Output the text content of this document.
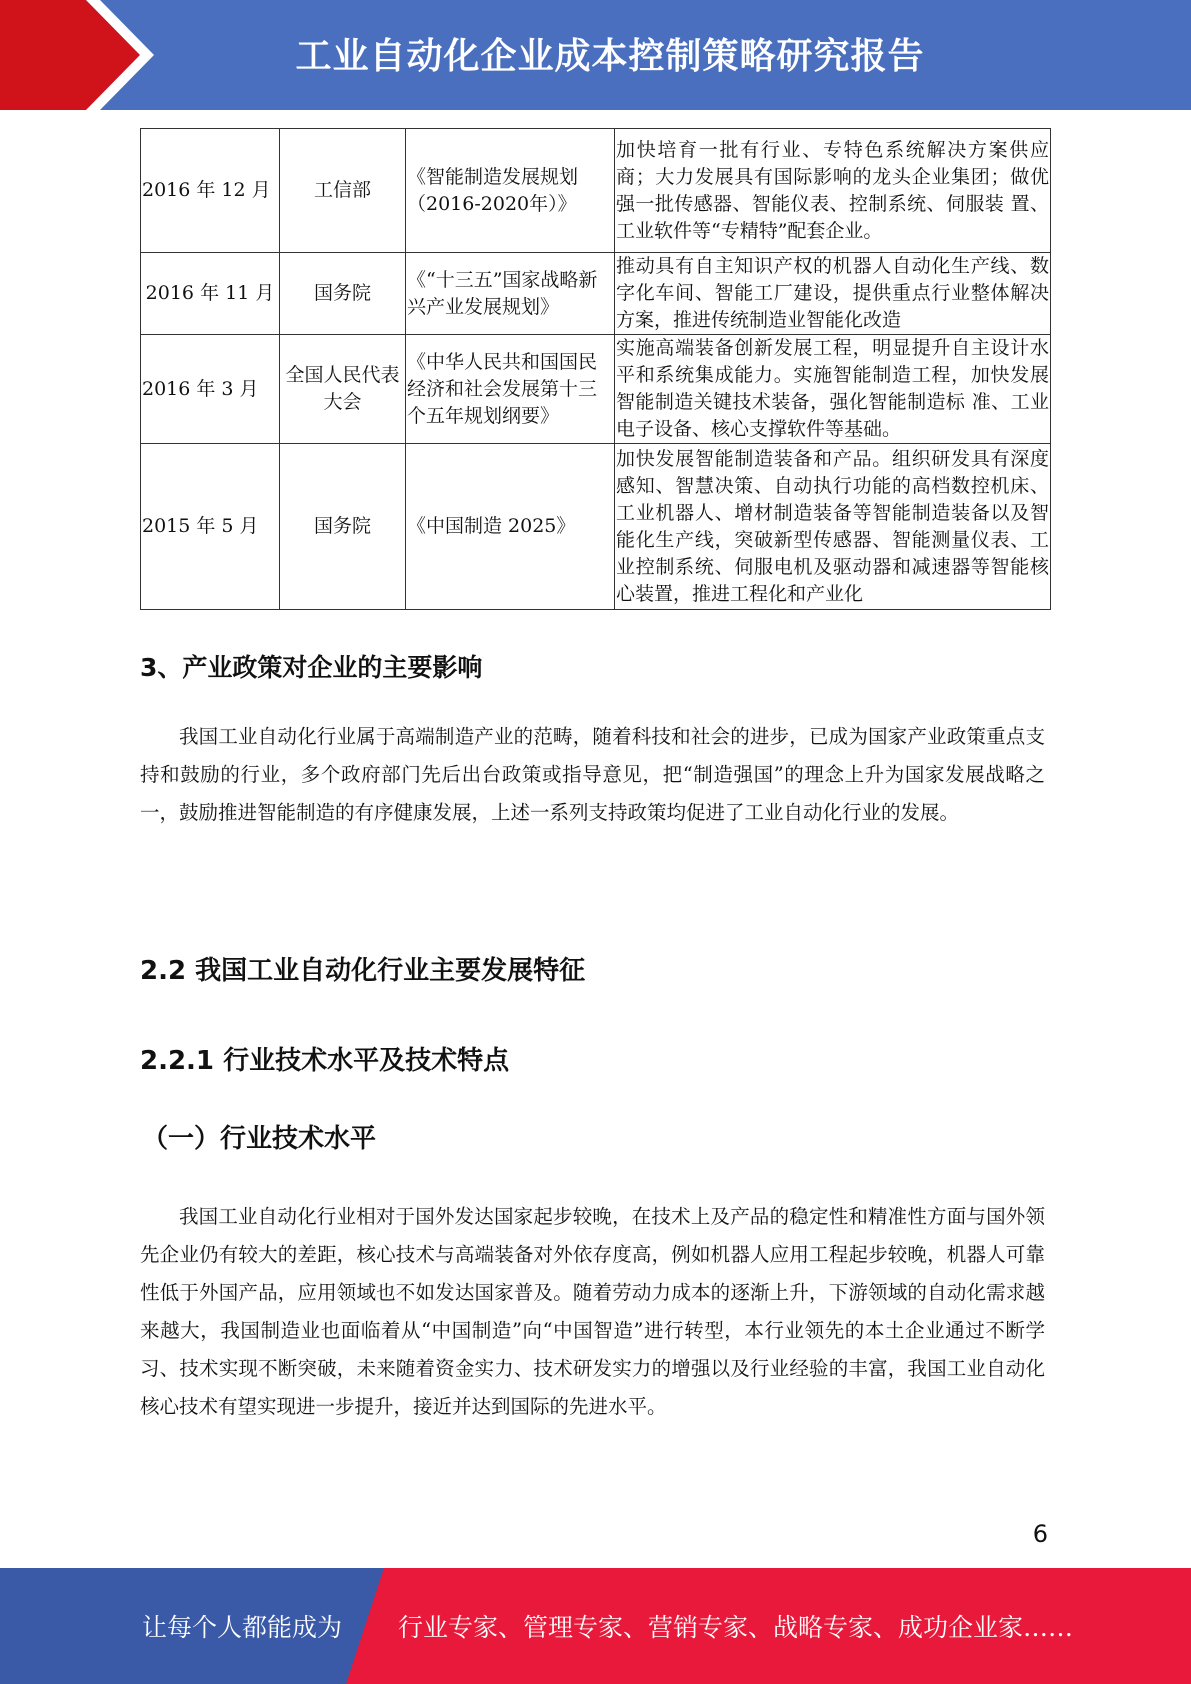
工业自动化企业成本控制策略研究报告
2016 年 12 月	工信部	《智能制造发展规划（2016-2020年）》	加快培育一批有行业、专特色系统解决方案供应商；大力发展具有国际影响的龙头企业集团；做优强一批传感器、智能仪表、控制系统、伺服装 置、工业软件等“专精特”配套企业。
2016 年 11 月	国务院	《“十三五”国家战略新兴产业发展规划》	推动具有自主知识产权的机器人自动化生产线、数字化车间、智能工厂建设，提供重点行业整体解决方案，推进传统制造业智能化改造
2016 年 3 月	全国人民代表大会	《中华人民共和国国民经济和社会发展第十三个五年规划纲要》	实施高端装备创新发展工程，明显提升自主设计水平和系统集成能力。实施智能制造工程，加快发展智能制造关键技术装备，强化智能制造标 准、工业电子设备、核心支撑软件等基础。
2015 年 5 月	国务院	《中国制造 2025》	加快发展智能制造装备和产品。组织研发具有深度感知、智慧决策、自动执行功能的高档数控机床、工业机器人、增材制造装备等智能制造装备以及智能化生产线，突破新型传感器、智能测量仪表、工业控制系统、伺服电机及驱动器和减速器等智能核心装置，推进工程化和产业化
3、产业政策对企业的主要影响
我国工业自动化行业属于高端制造产业的范畴，随着科技和社会的进步，已成为国家产业政策重点支持和鼓励的行业，多个政府部门先后出台政策或指导意见，把“制造强国”的理念上升为国家发展战略之一，鼓励推进智能制造的有序健康发展，上述一系列支持政策均促进了工业自动化行业的发展。
2.2 我国工业自动化行业主要发展特征
2.2.1 行业技术水平及技术特点
（一）行业技术水平
我国工业自动化行业相对于国外发达国家起步较晚，在技术上及产品的稳定性和精准性方面与国外领先企业仍有较大的差距，核心技术与高端装备对外依存度高，例如机器人应用工程起步较晚，机器人可靠性低于外国产品，应用领域也不如发达国家普及。随着劳动力成本的逐渐上升，下游领域的自动化需求越来越大，我国制造业也面临着从“中国制造”向“中国智造”进行转型，本行业领先的本土企业通过不断学习、技术实现不断突破，未来随着资金实力、技术研发实力的增强以及行业经验的丰富，我国工业自动化核心技术有望实现进一步提升，接近并达到国际的先进水平。
6
让每个人都能成为 行业专家、管理专家、营销专家、战略专家、成功企业家……
